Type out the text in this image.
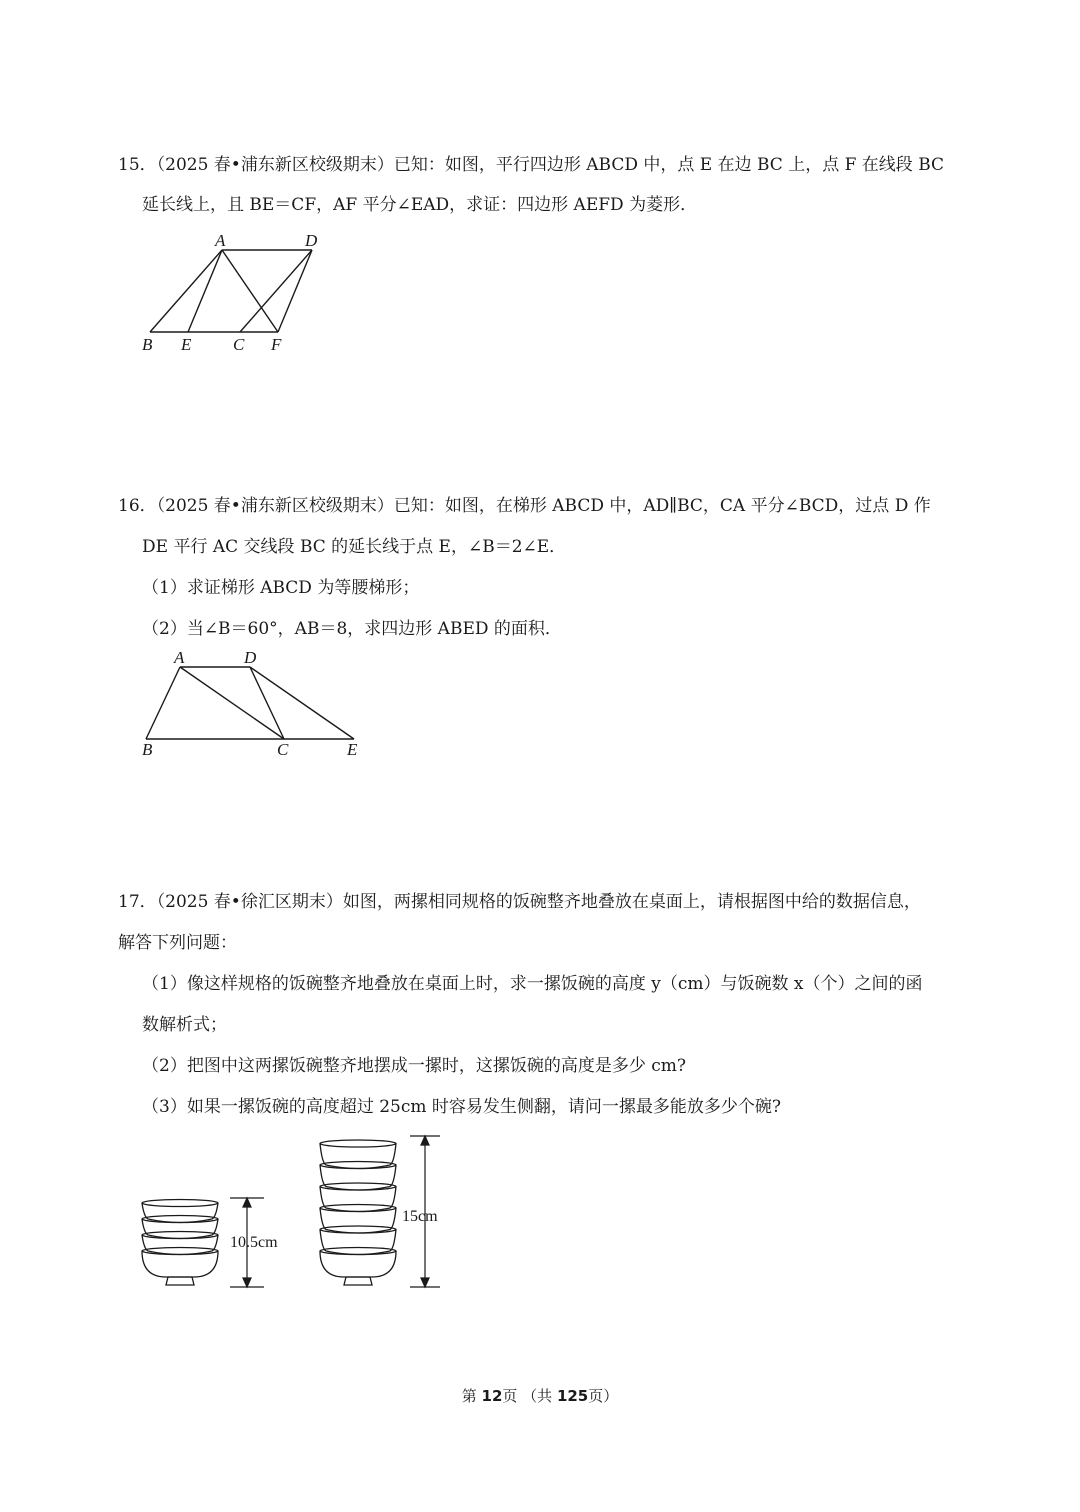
15．（2025 春•浦东新区校级期末）已知：如图，平行四边形 ABCD 中，点 E 在边 BC 上，点 F 在线段 BC
延长线上，且 BE＝CF，AF 平分∠EAD，求证：四边形 AEFD 为菱形．
A	D
B E C F
16．（2025 春•浦东新区校级期末）已知：如图，在梯形 ABCD 中，AD∥BC，CA 平分∠BCD，过点 D 作
DE 平行 AC 交线段 BC 的延长线于点 E，∠B＝2∠E．
（1）求证梯形 ABCD 为等腰梯形；
（2）当∠B＝60°，AB＝8，求四边形 ABED 的面积．
A	D
B	C	E
17．（2025 春•徐汇区期末）如图，两摞相同规格的饭碗整齐地叠放在桌面上，请根据图中给的数据信息，
解答下列问题：
（1）像这样规格的饭碗整齐地叠放在桌面上时，求一摞饭碗的高度 y（cm）与饭碗数 x（个）之间的函
数解析式；
（2）把图中这两摞饭碗整齐地摆成一摞时，这摞饭碗的高度是多少 cm?
（3）如果一摞饭碗的高度超过 25cm 时容易发生侧翻，请问一摞最多能放多少个碗?
10.5cm
15cm
第 12页 （共 125页）
